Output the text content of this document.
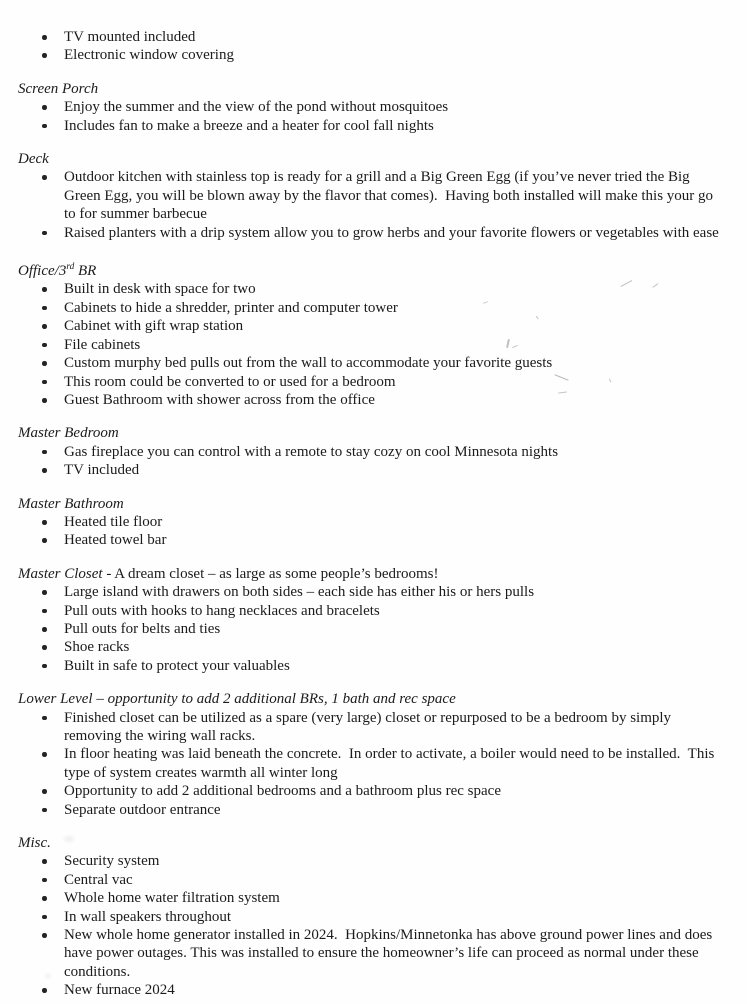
TV mounted included
Electronic window covering
Screen Porch
Enjoy the summer and the view of the pond without mosquitoes
Includes fan to make a breeze and a heater for cool fall nights
Deck
Outdoor kitchen with stainless top is ready for a grill and a Big Green Egg (if you’ve never tried the Big Green Egg, you will be blown away by the flavor that comes).  Having both installed will make this your go to for summer barbecue
Raised planters with a drip system allow you to grow herbs and your favorite flowers or vegetables with ease
Office/3rd BR
Built in desk with space for two
Cabinets to hide a shredder, printer and computer tower
Cabinet with gift wrap station
File cabinets
Custom murphy bed pulls out from the wall to accommodate your favorite guests
This room could be converted to or used for a bedroom
Guest Bathroom with shower across from the office
Master Bedroom
Gas fireplace you can control with a remote to stay cozy on cool Minnesota nights
TV included
Master Bathroom
Heated tile floor
Heated towel bar
Master Closet - A dream closet – as large as some people’s bedrooms!
Large island with drawers on both sides – each side has either his or hers pulls
Pull outs with hooks to hang necklaces and bracelets
Pull outs for belts and ties
Shoe racks
Built in safe to protect your valuables
Lower Level – opportunity to add 2 additional BRs, 1 bath and rec space
Finished closet can be utilized as a spare (very large) closet or repurposed to be a bedroom by simply removing the wiring wall racks.
In floor heating was laid beneath the concrete.  In order to activate, a boiler would need to be installed.  This type of system creates warmth all winter long
Opportunity to add 2 additional bedrooms and a bathroom plus rec space
Separate outdoor entrance
Misc.
Security system
Central vac
Whole home water filtration system
In wall speakers throughout
New whole home generator installed in 2024.  Hopkins/Minnetonka has above ground power lines and does have power outages. This was installed to ensure the homeowner’s life can proceed as normal under these conditions.
New furnace 2024
